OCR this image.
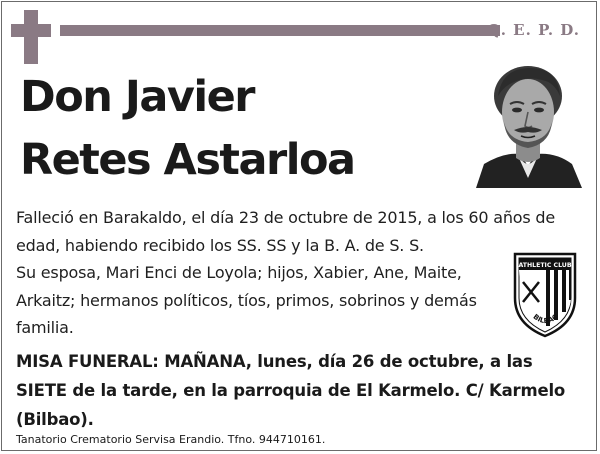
Q. E. P. D.
Don Javier
Retes Astarloa

Falleció en Barakaldo, el día 23 de octubre de 2015, a los 60 años de

edad, habiendo recibido los SS. SS y la B. A. de S. S.

Su esposa, Mari Enci de Loyola; hijos, Xabier, Ane, Maite,

Arkaitz; hermanos políticos, tíos, primos, sobrinos y demás

familia.

ATHLETIC CLUB
BILBAO
MISA FUNERAL: MAÑANA, lunes, día 26 de octubre, a las
SIETE de la tarde, en la parroquia de El Karmelo. C/ Karmelo
(Bilbao).
Tanatorio Crematorio Servisa Erandio. Tfno. 944710161.
